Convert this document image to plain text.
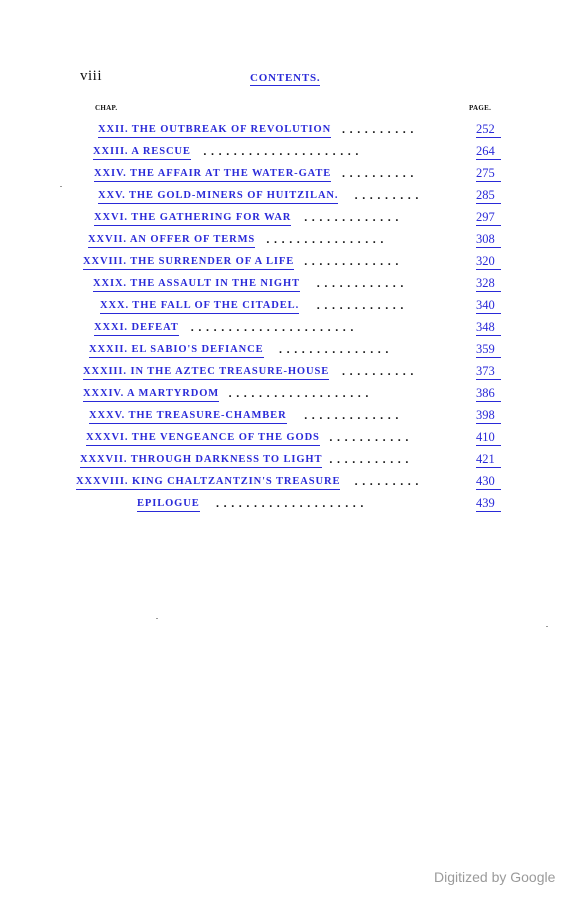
viii	CONTENTS.
CHAP.	PAGE.
XXII. THE OUTBREAK OF REVOLUTION	252
..........
XXIII. A RESCUE	264
.....................
XXIV. THE AFFAIR AT THE WATER-GATE	275
..........
XXV. THE GOLD-MINERS OF HUITZILAN.	285
.........
XXVI. THE GATHERING FOR WAR	297
.............
XXVII. AN OFFER OF TERMS	308
................
XXVIII. THE SURRENDER OF A LIFE	320
.............
XXIX. THE ASSAULT IN THE NIGHT	328
............
XXX. THE FALL OF THE CITADEL.	340
............
XXXI. DEFEAT	348
......................
XXXII. EL SABIO'S DEFIANCE	359
...............
XXXIII. IN THE AZTEC TREASURE-HOUSE	373
..........
XXXIV. A MARTYRDOM	386
...................
XXXV. THE TREASURE-CHAMBER	398
.............
XXXVI. THE VENGEANCE OF THE GODS	410
...........
XXXVII. THROUGH DARKNESS TO LIGHT	421
...........
XXXVIII. KING CHALTZANTZIN'S TREASURE	430
.........
EPILOGUE	439
....................
Digitized by Google
